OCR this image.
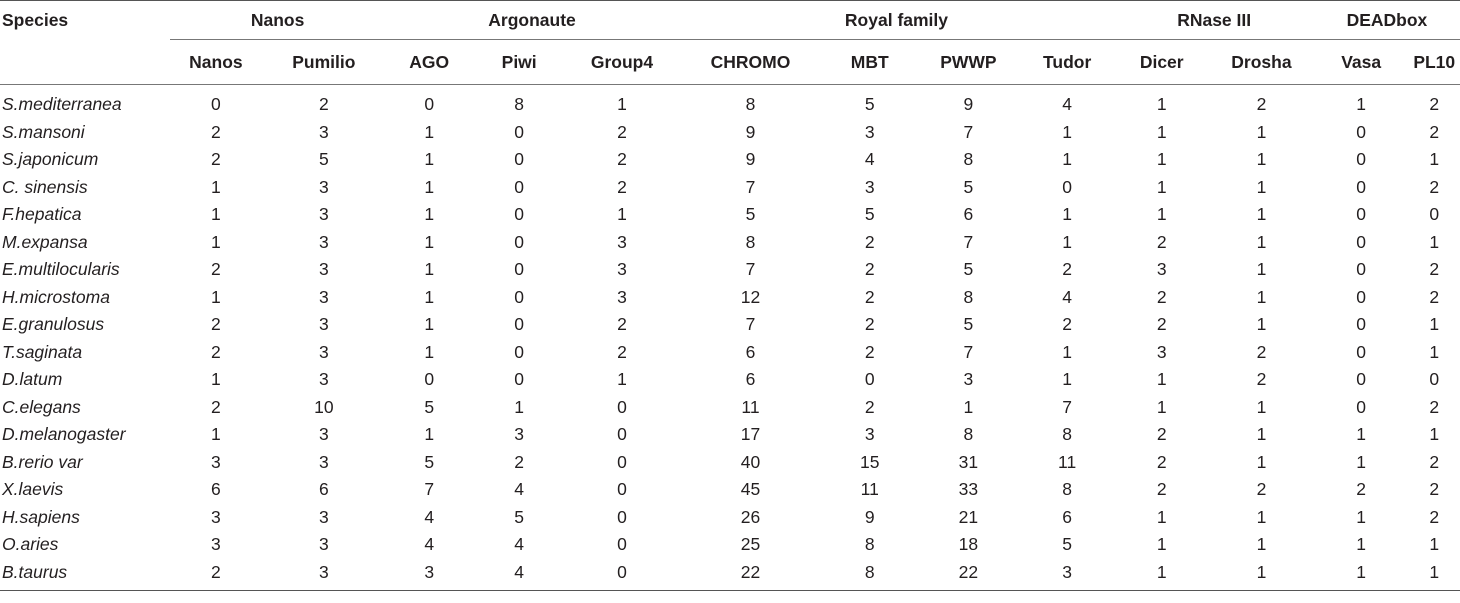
Species	Nanos		Argonaute			Royal family				RNase III		DEADbox	
	Nanos	Pumilio	AGO	Piwi	Group4	CHROMO	MBT	PWWP	Tudor	Dicer	Drosha	Vasa	PL10
S.mediterranea	0	2	0	8	1	8	5	9	4	1	2	1	2
S.mansoni	2	3	1	0	2	9	3	7	1	1	1	0	2
S.japonicum	2	5	1	0	2	9	4	8	1	1	1	0	1
C. sinensis	1	3	1	0	2	7	3	5	0	1	1	0	2
F.hepatica	1	3	1	0	1	5	5	6	1	1	1	0	0
M.expansa	1	3	1	0	3	8	2	7	1	2	1	0	1
E.multilocularis	2	3	1	0	3	7	2	5	2	3	1	0	2
H.microstoma	1	3	1	0	3	12	2	8	4	2	1	0	2
E.granulosus	2	3	1	0	2	7	2	5	2	2	1	0	1
T.saginata	2	3	1	0	2	6	2	7	1	3	2	0	1
D.latum	1	3	0	0	1	6	0	3	1	1	2	0	0
C.elegans	2	10	5	1	0	11	2	1	7	1	1	0	2
D.melanogaster	1	3	1	3	0	17	3	8	8	2	1	1	1
B.rerio var	3	3	5	2	0	40	15	31	11	2	1	1	2
X.laevis	6	6	7	4	0	45	11	33	8	2	2	2	2
H.sapiens	3	3	4	5	0	26	9	21	6	1	1	1	2
O.aries	3	3	4	4	0	25	8	18	5	1	1	1	1
B.taurus	2	3	3	4	0	22	8	22	3	1	1	1	1
